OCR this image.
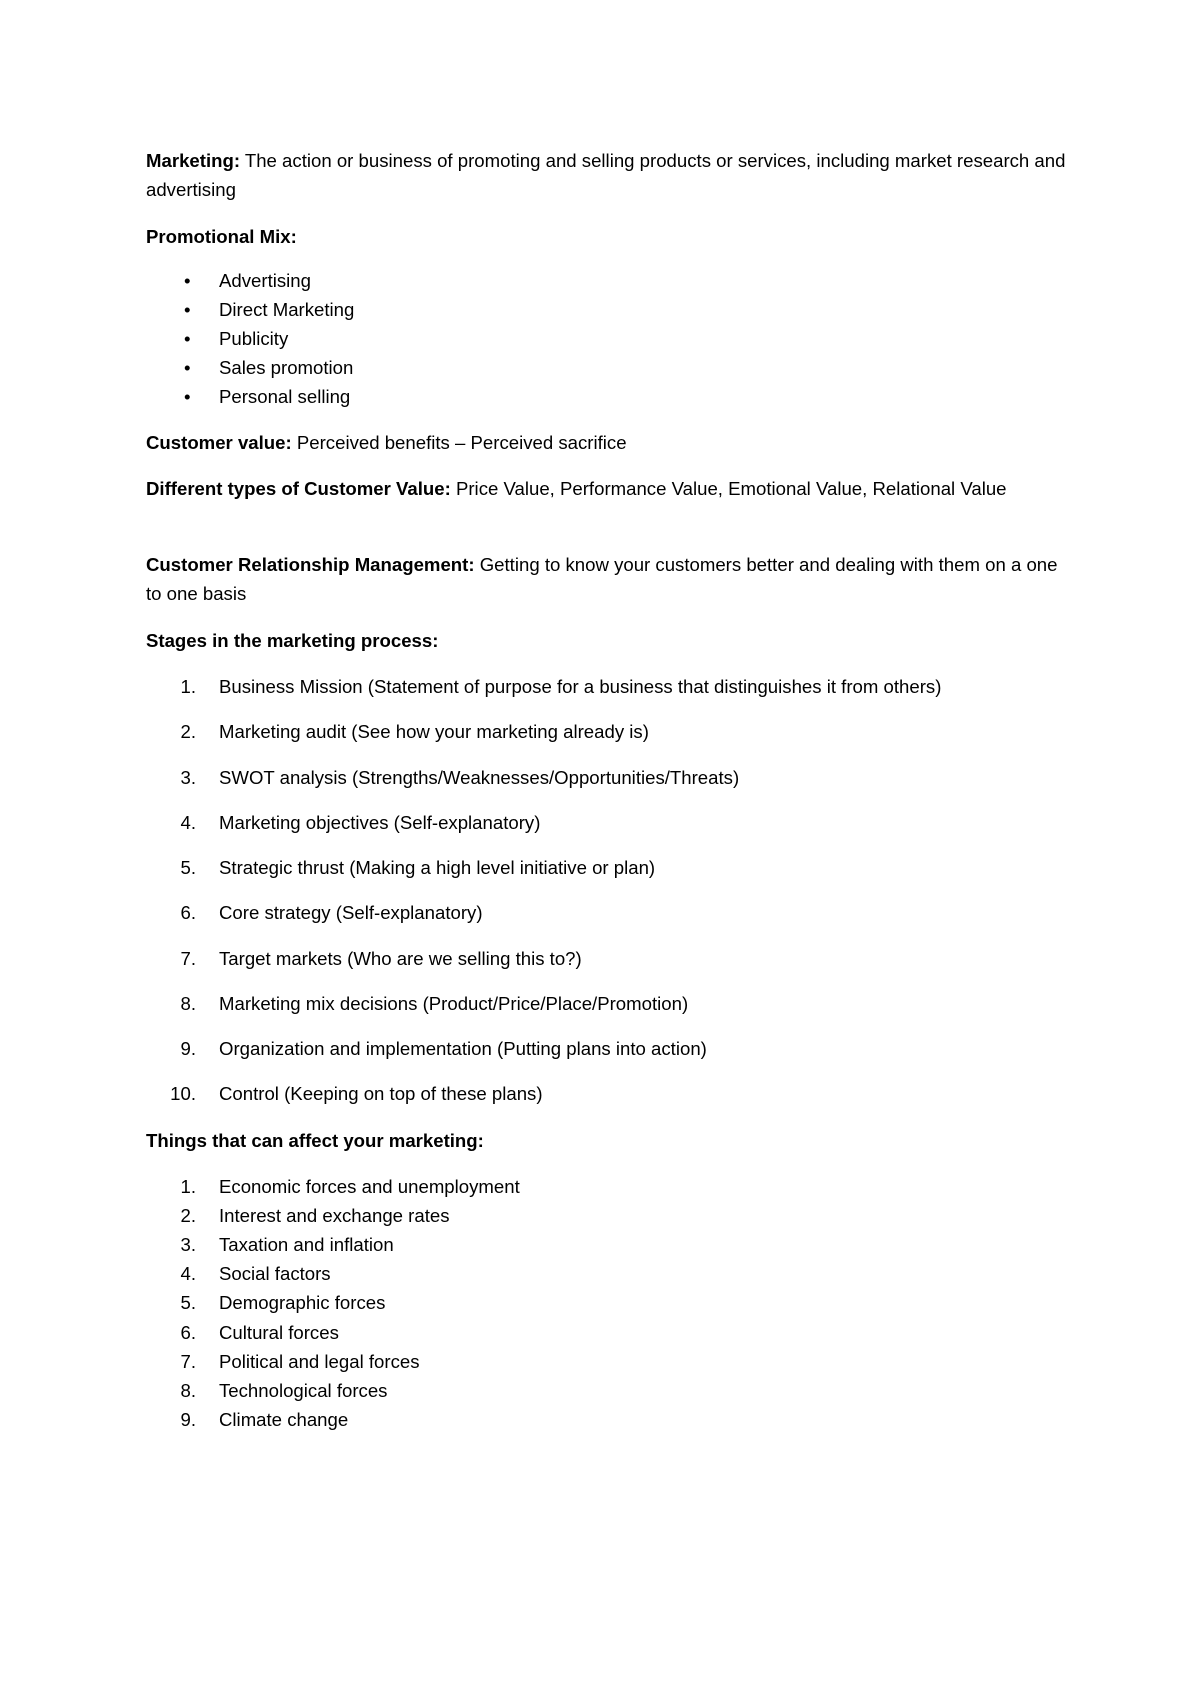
Marketing: The action or business of promoting and selling products or services, including market research and advertising

Promotional Mix:

• Advertising
• Direct Marketing
• Publicity
• Sales promotion
• Personal selling

Customer value: Perceived benefits – Perceived sacrifice

Different types of Customer Value: Price Value, Performance Value, Emotional Value, Relational Value

Customer Relationship Management: Getting to know your customers better and dealing with them on a one to one basis

Stages in the marketing process:

1. Business Mission (Statement of purpose for a business that distinguishes it from others)
2. Marketing audit (See how your marketing already is)
3. SWOT analysis (Strengths/Weaknesses/Opportunities/Threats)
4. Marketing objectives (Self-explanatory)
5. Strategic thrust (Making a high level initiative or plan)
6. Core strategy (Self-explanatory)
7. Target markets (Who are we selling this to?)
8. Marketing mix decisions (Product/Price/Place/Promotion)
9. Organization and implementation (Putting plans into action)
10. Control (Keeping on top of these plans)

Things that can affect your marketing:

1. Economic forces and unemployment
2. Interest and exchange rates
3. Taxation and inflation
4. Social factors
5. Demographic forces
6. Cultural forces
7. Political and legal forces
8. Technological forces
9. Climate change
